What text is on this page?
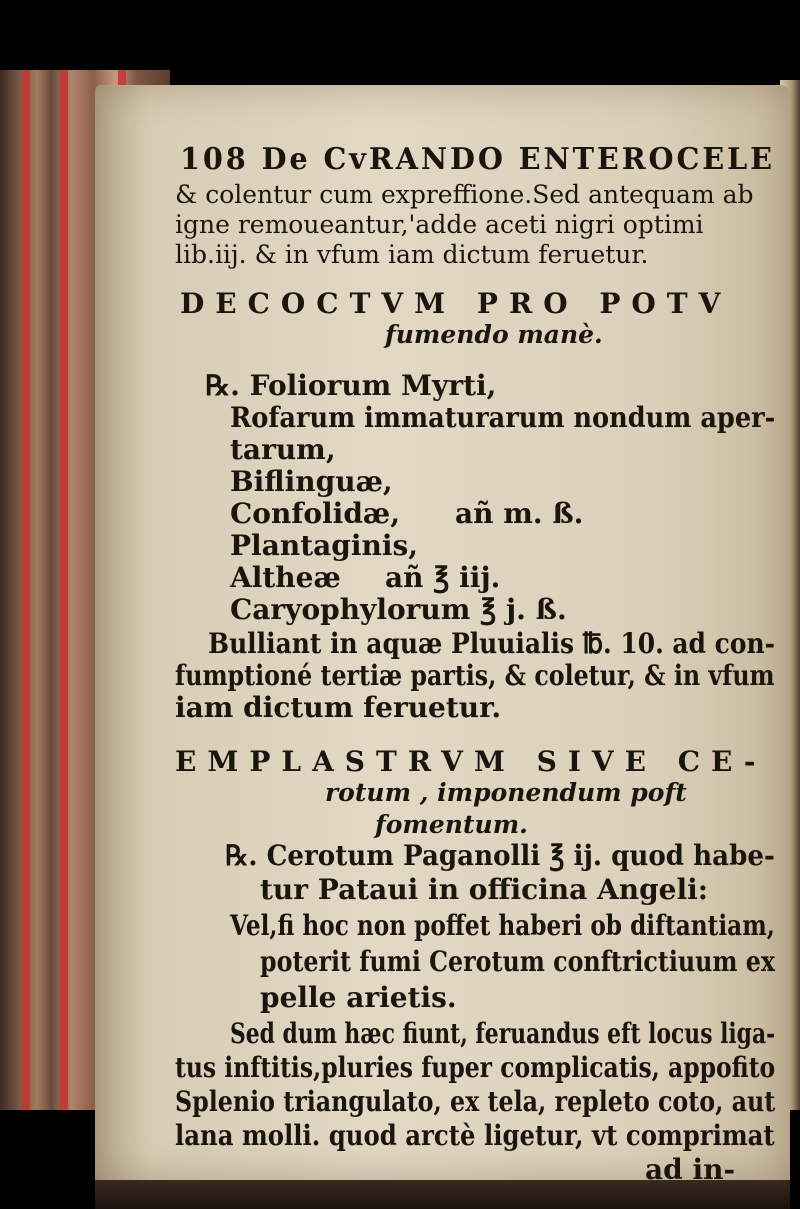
108 De CvRANDO ENTEROCELE
& colentur cum expreffione.Sed antequam ab
igne remoueantur,'adde aceti nigri optimi
lib.iij. & in vfum iam dictum feruetur.
DECOCTVM PRO POTV
fumendo manè.
℞. Foliorum Myrti,
Rofarum immaturarum nondum aper-
tarum,
Biflinguæ,
Confolidæ, añ m. ß.
Plantaginis,
Altheæ añ ℥ iij.
Caryophylorum ℥ j. ß.
Bulliant in aquæ Pluuialis ℔. 10. ad con-
fumptioné tertiæ partis, & coletur, & in vfum
iam dictum feruetur.
EMPLASTRVM SIVE CE-
rotum , imponendum poft
fomentum.
℞. Cerotum Paganolli ℥ ij. quod habe-
tur Pataui in officina Angeli:
Vel,fi hoc non poffet haberi ob diftantiam,
poterit fumi Cerotum conftrictiuum ex
pelle arietis.
Sed dum hæc fiunt, feruandus eft locus liga-
tus inftitis,pluries fuper complicatis, appofito
Splenio triangulato, ex tela, repleto coto, aut
lana molli. quod arctè ligetur, vt comprimat
ad in-
